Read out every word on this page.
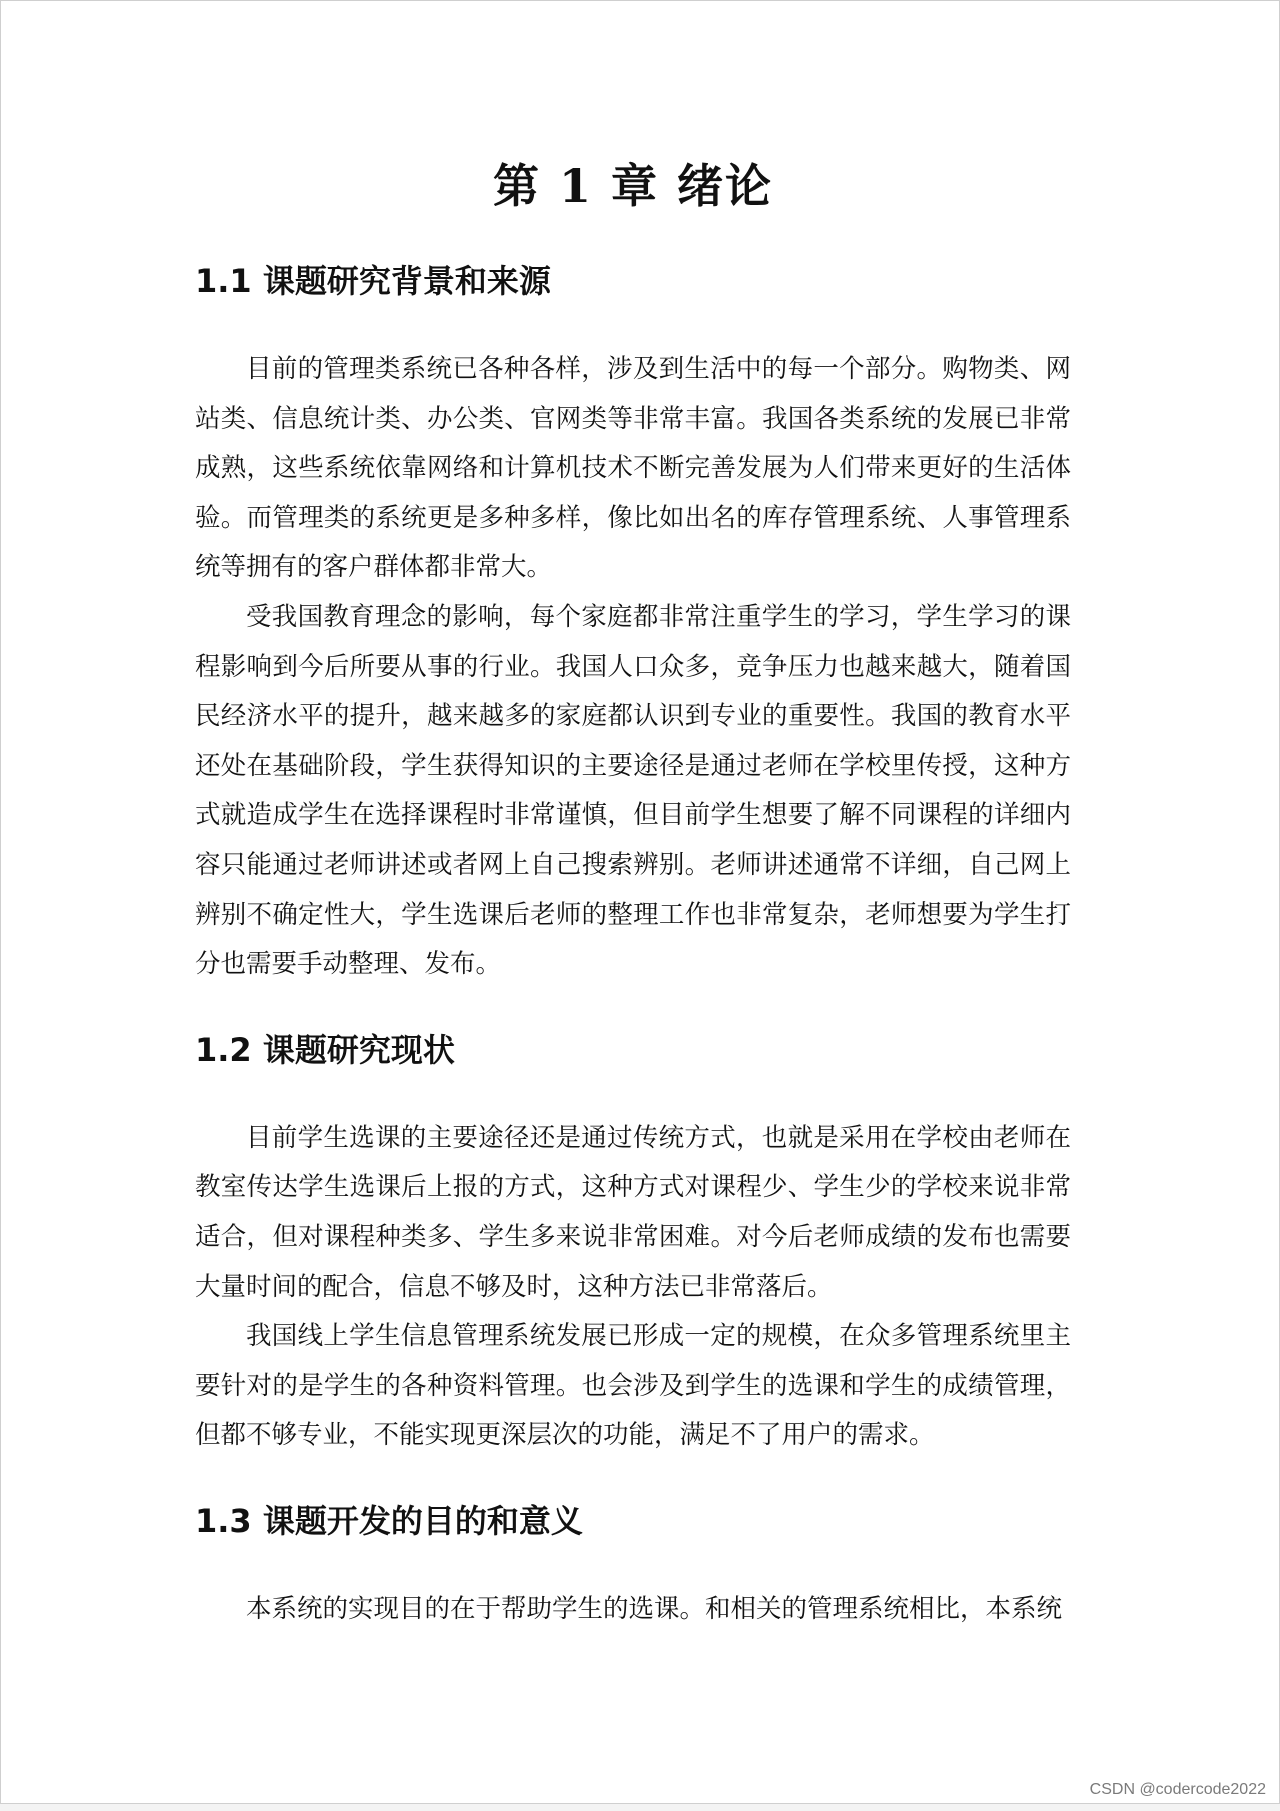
第 1 章 绪论
1.1 课题研究背景和来源

目前的管理类系统已各种各样，涉及到生活中的每一个部分。购物类、网站类、信息统计类、办公类、官网类等非常丰富。我国各类系统的发展已非常成熟，这些系统依靠网络和计算机技术不断完善发展为人们带来更好的生活体验。而管理类的系统更是多种多样，像比如出名的库存管理系统、人事管理系统等拥有的客户群体都非常大。

受我国教育理念的影响，每个家庭都非常注重学生的学习，学生学习的课程影响到今后所要从事的行业。我国人口众多，竞争压力也越来越大，随着国民经济水平的提升，越来越多的家庭都认识到专业的重要性。我国的教育水平还处在基础阶段，学生获得知识的主要途径是通过老师在学校里传授，这种方式就造成学生在选择课程时非常谨慎，但目前学生想要了解不同课程的详细内容只能通过老师讲述或者网上自己搜索辨别。老师讲述通常不详细，自己网上辨别不确定性大，学生选课后老师的整理工作也非常复杂，老师想要为学生打分也需要手动整理、发布。

1.2 课题研究现状

目前学生选课的主要途径还是通过传统方式，也就是采用在学校由老师在教室传达学生选课后上报的方式，这种方式对课程少、学生少的学校来说非常适合，但对课程种类多、学生多来说非常困难。对今后老师成绩的发布也需要大量时间的配合，信息不够及时，这种方法已非常落后。

我国线上学生信息管理系统发展已形成一定的规模，在众多管理系统里主要针对的是学生的各种资料管理。也会涉及到学生的选课和学生的成绩管理，但都不够专业，不能实现更深层次的功能，满足不了用户的需求。

1.3 课题开发的目的和意义

本系统的实现目的在于帮助学生的选课。和相关的管理系统相比，本系统

CSDN @codercode2022
